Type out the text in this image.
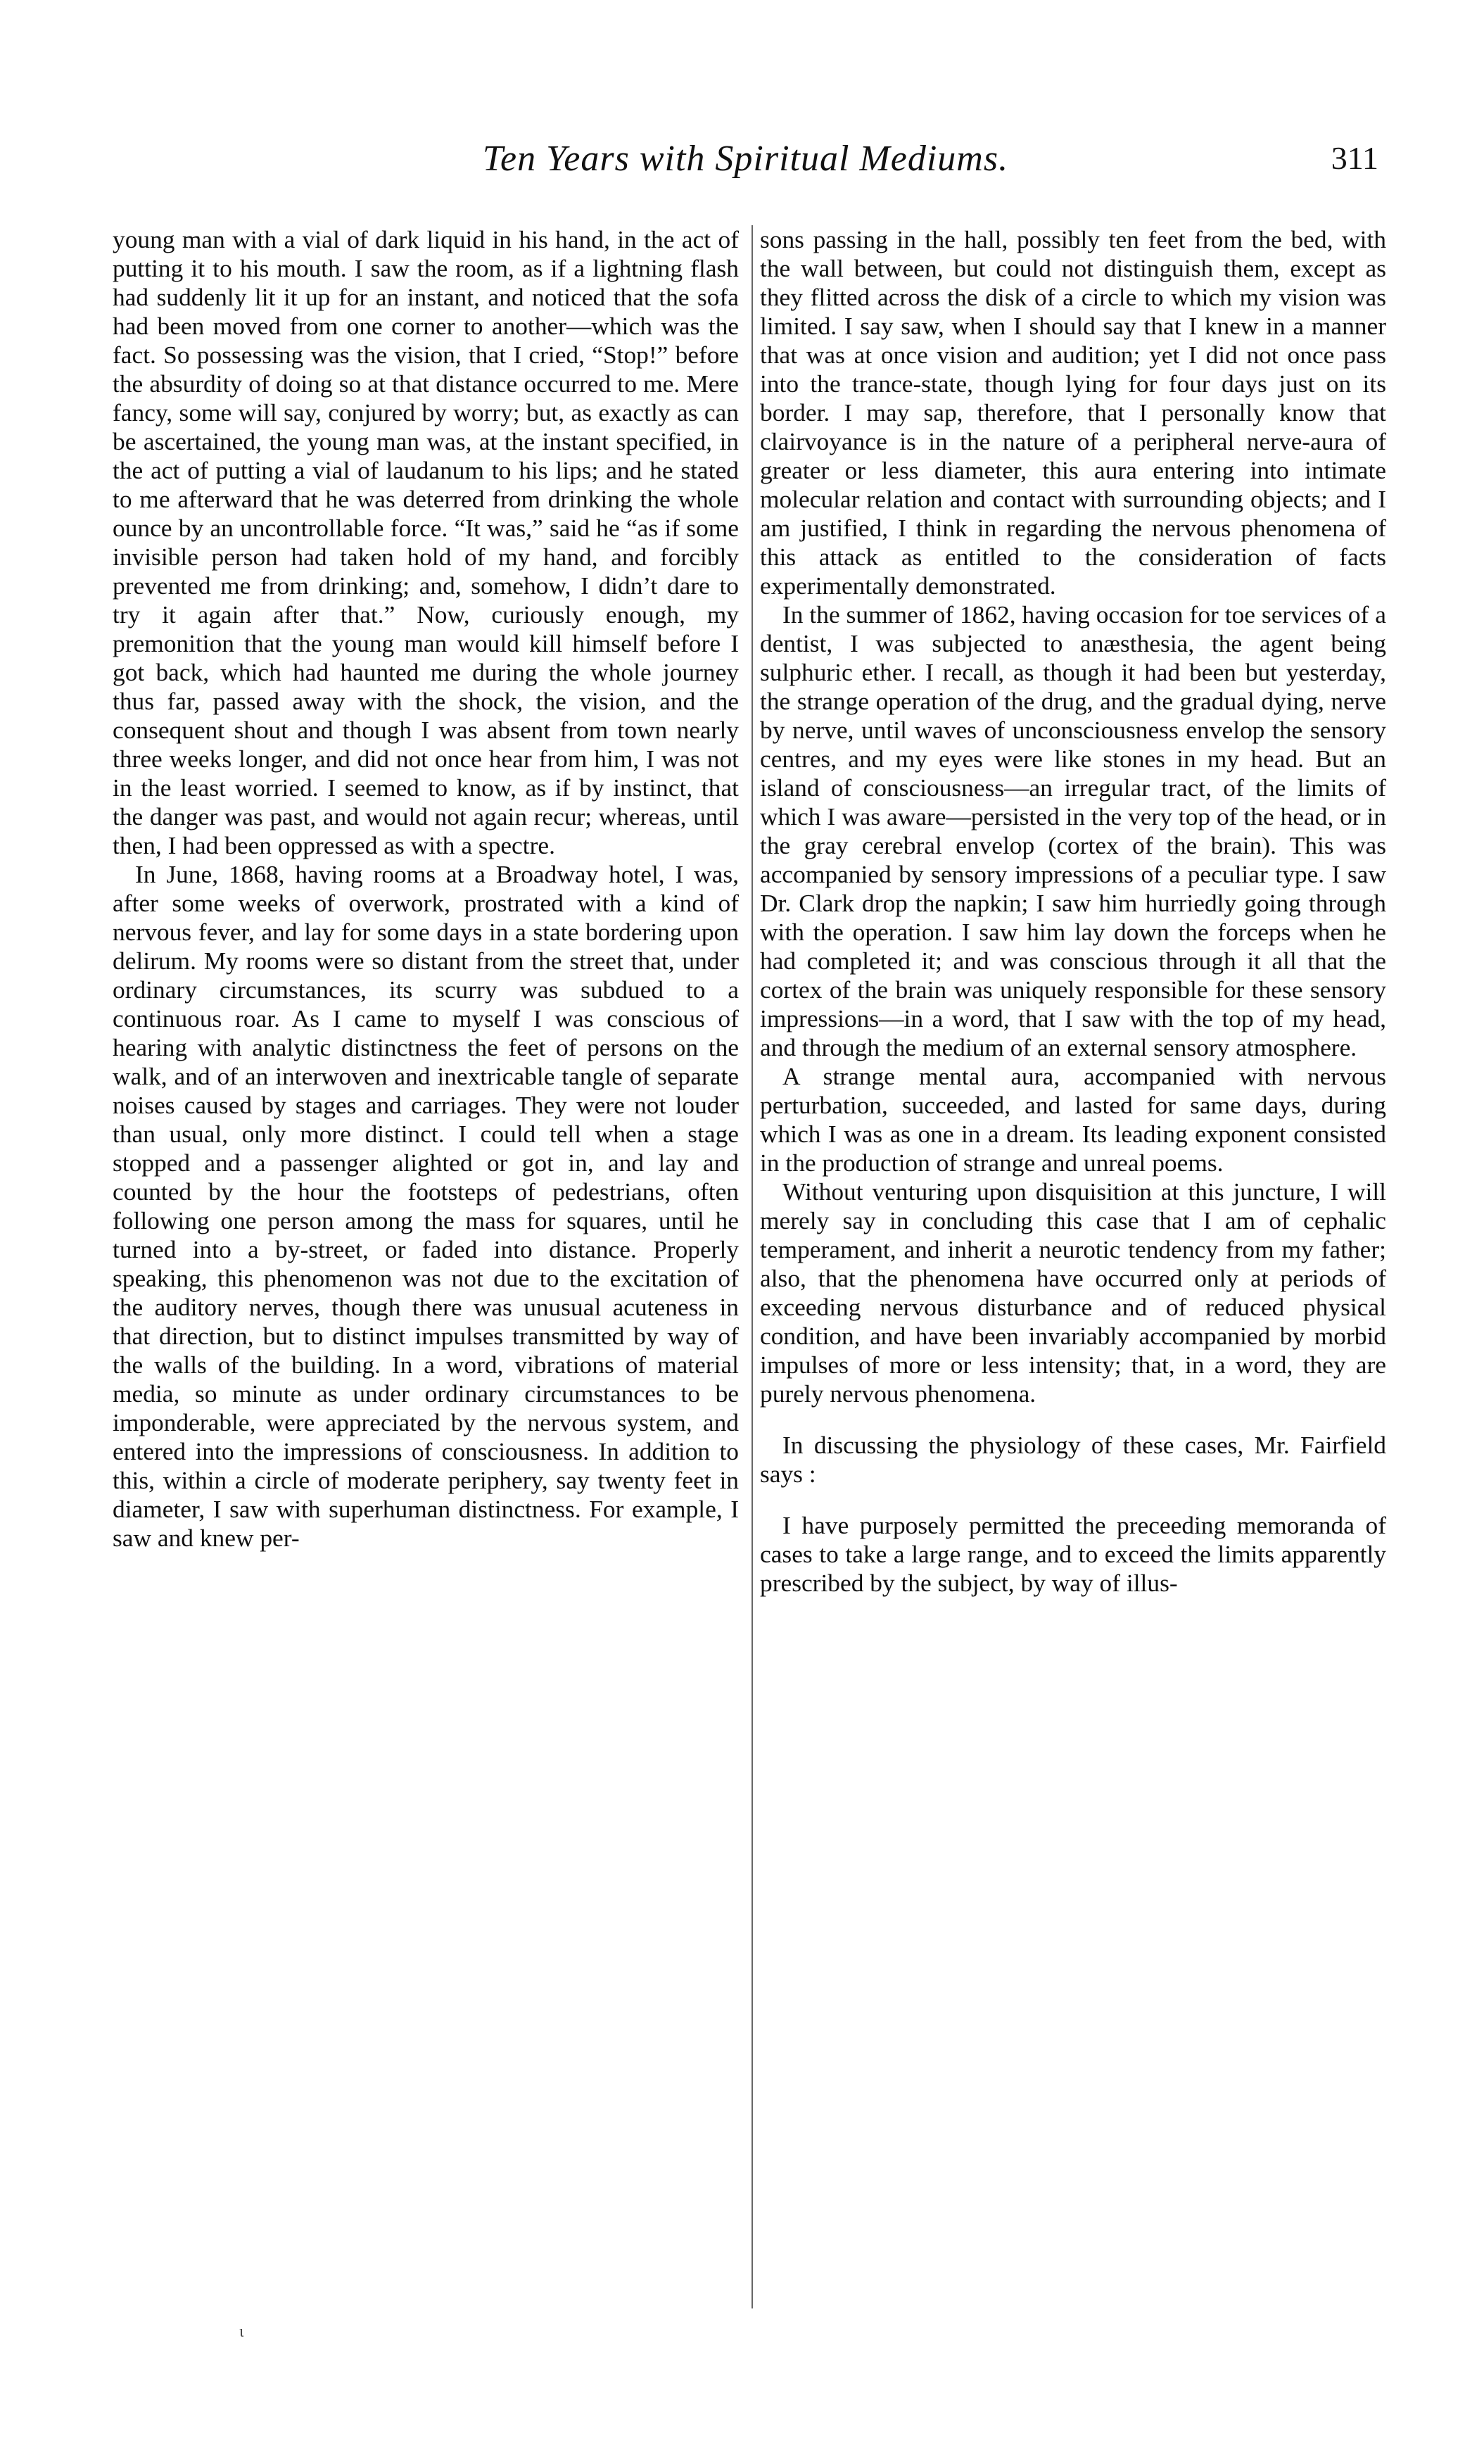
Ten Years with Spiritual Mediums.	311

young man with a vial of dark liquid in his hand, in the act of putting it to his mouth. I saw the room, as if a lightning flash had suddenly lit it up for an instant, and noticed that the sofa had been moved from one corner to another—which was the fact. So possessing was the vision, that I cried, “Stop!” before the absurdity of doing so at that distance occurred to me. Mere fancy, some will say, conjured by worry; but, as exactly as can be ascertained, the young man was, at the instant specified, in the act of putting a vial of laudanum to his lips; and he stated to me afterward that he was deterred from drinking the whole ounce by an uncontrollable force. “It was,” said he “as if some invisible person had taken hold of my hand, and forcibly prevented me from drinking; and, somehow, I didn’t dare to try it again after that.” Now, curiously enough, my premonition that the young man would kill himself before I got back, which had haunted me during the whole journey thus far, passed away with the shock, the vision, and the consequent shout and though I was absent from town nearly three weeks longer, and did not once hear from him, I was not in the least worried. I seemed to know, as if by instinct, that the danger was past, and would not again recur; whereas, until then, I had been oppressed as with a spectre.

In June, 1868, having rooms at a Broadway hotel, I was, after some weeks of overwork, prostrated with a kind of nervous fever, and lay for some days in a state bordering upon delirum. My rooms were so distant from the street that, under ordinary circumstances, its scurry was subdued to a continuous roar. As I came to myself I was conscious of hearing with analytic distinctness the feet of persons on the walk, and of an interwoven and inextricable tangle of separate noises caused by stages and carriages. They were not louder than usual, only more distinct. I could tell when a stage stopped and a passenger alighted or got in, and lay and counted by the hour the footsteps of pedestrians, often following one person among the mass for squares, until he turned into a by-street, or faded into distance. Properly speaking, this phenomenon was not due to the excitation of the auditory nerves, though there was unusual acuteness in that direction, but to distinct impulses transmitted by way of the walls of the building. In a word, vibrations of material media, so minute as under ordinary circumstances to be imponderable, were appreciated by the nervous system, and entered into the impressions of consciousness. In addition to this, within a circle of moderate periphery, say twenty feet in diameter, I saw with superhuman distinctness. For example, I saw and knew per-

sons passing in the hall, possibly ten feet from the bed, with the wall between, but could not distinguish them, except as they flitted across the disk of a circle to which my vision was limited. I say saw, when I should say that I knew in a manner that was at once vision and audition; yet I did not once pass into the trance-state, though lying for four days just on its border. I may sap, therefore, that I personally know that clairvoyance is in the nature of a peripheral nerve-aura of greater or less diameter, this aura entering into intimate molecular relation and contact with surrounding objects; and I am justified, I think in regarding the nervous phenomena of this attack as entitled to the consideration of facts experimentally demonstrated.

In the summer of 1862, having occasion for toe services of a dentist, I was subjected to anæsthesia, the agent being sulphuric ether. I recall, as though it had been but yesterday, the strange operation of the drug, and the gradual dying, nerve by nerve, until waves of unconsciousness envelop the sensory centres, and my eyes were like stones in my head. But an island of consciousness—an irregular tract, of the limits of which I was aware—persisted in the very top of the head, or in the gray cerebral envelop (cortex of the brain). This was accompanied by sensory impressions of a peculiar type. I saw Dr. Clark drop the napkin; I saw him hurriedly going through with the operation. I saw him lay down the forceps when he had completed it; and was conscious through it all that the cortex of the brain was uniquely responsible for these sensory impressions—in a word, that I saw with the top of my head, and through the medium of an external sensory atmosphere.

A strange mental aura, accompanied with nervous perturbation, succeeded, and lasted for same days, during which I was as one in a dream. Its leading exponent consisted in the production of strange and unreal poems.

Without venturing upon disquisition at this juncture, I will merely say in concluding this case that I am of cephalic temperament, and inherit a neurotic tendency from my father; also, that the phenomena have occurred only at periods of exceeding nervous disturbance and of reduced physical condition, and have been invariably accompanied by morbid impulses of more or less intensity; that, in a word, they are purely nervous phenomena.

In discussing the physiology of these cases, Mr. Fairfield says :

I have purposely permitted the preceeding memoranda of cases to take a large range, and to exceed the limits apparently prescribed by the subject, by way of illus-

ι
